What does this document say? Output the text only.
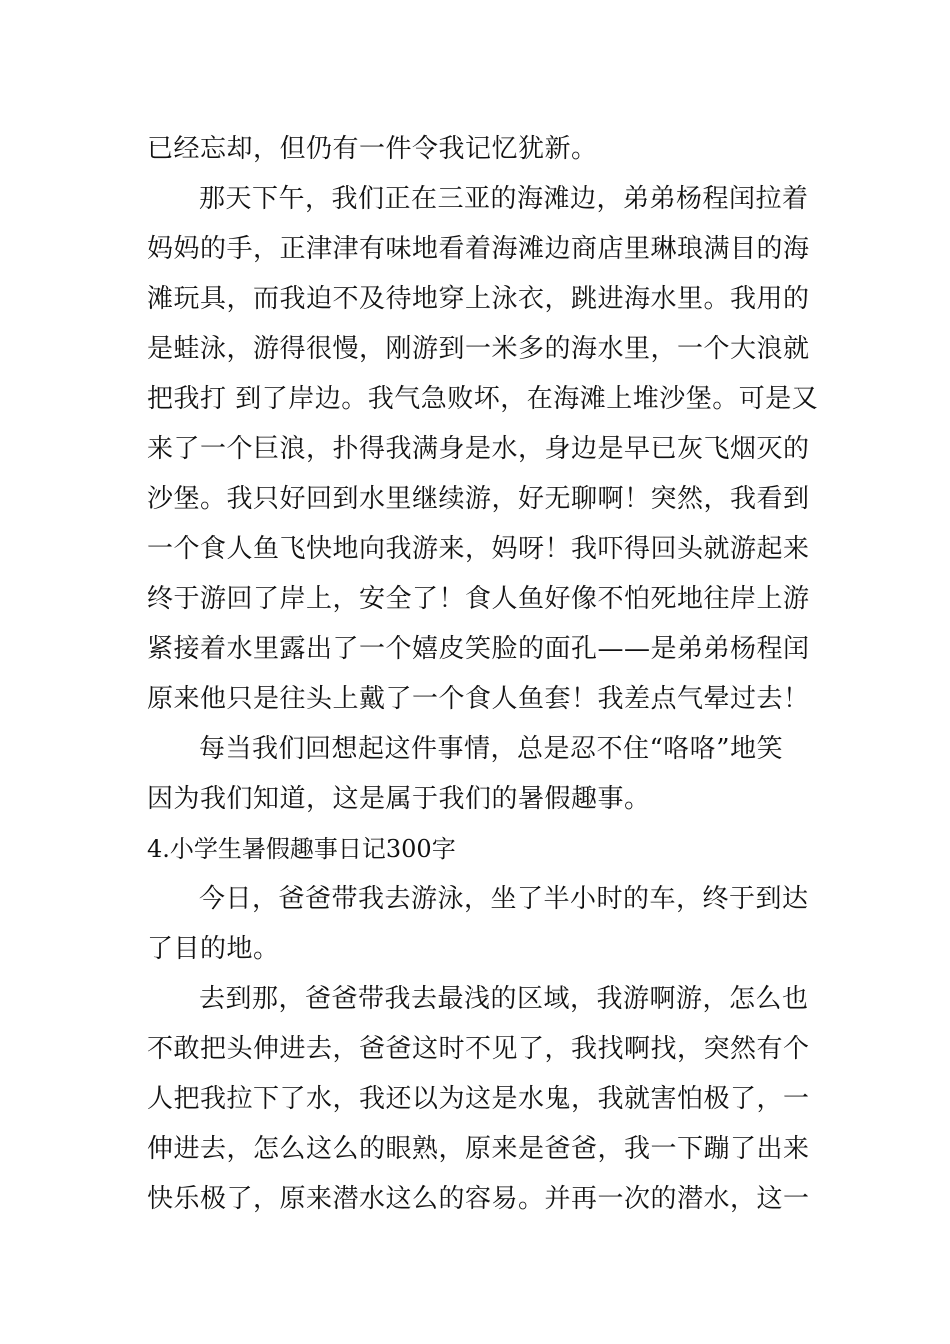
已经忘却，但仍有一件令我记忆犹新。
那天下午，我们正在三亚的海滩边，弟弟杨程闰拉着
妈妈的手，正津津有味地看着海滩边商店里琳琅满目的海
滩玩具，而我迫不及待地穿上泳衣，跳进海水里。我用的
是蛙泳，游得很慢，刚游到一米多的海水里，一个大浪就
把我打 到了岸边。我气急败坏，在海滩上堆沙堡。可是又
来了一个巨浪，扑得我满身是水，身边是早已灰飞烟灭的
沙堡。我只好回到水里继续游，好无聊啊！突然，我看到
一个食人鱼飞快地向我游来，妈呀！我吓得回头就游起来
终于游回了岸上，安全了！食人鱼好像不怕死地往岸上游
紧接着水里露出了一个嬉皮笑脸的面孔——是弟弟杨程闰
原来他只是往头上戴了一个食人鱼套！我差点气晕过去！
每当我们回想起这件事情，总是忍不住“咯咯”地笑
因为我们知道，这是属于我们的暑假趣事。
4.小学生暑假趣事日记300字
今日，爸爸带我去游泳，坐了半小时的车，终于到达
了目的地。
去到那，爸爸带我去最浅的区域，我游啊游，怎么也
不敢把头伸进去，爸爸这时不见了，我找啊找，突然有个
人把我拉下了水，我还以为这是水鬼，我就害怕极了，一
伸进去，怎么这么的眼熟，原来是爸爸，我一下蹦了出来
快乐极了，原来潜水这么的容易。并再一次的潜水，这一
